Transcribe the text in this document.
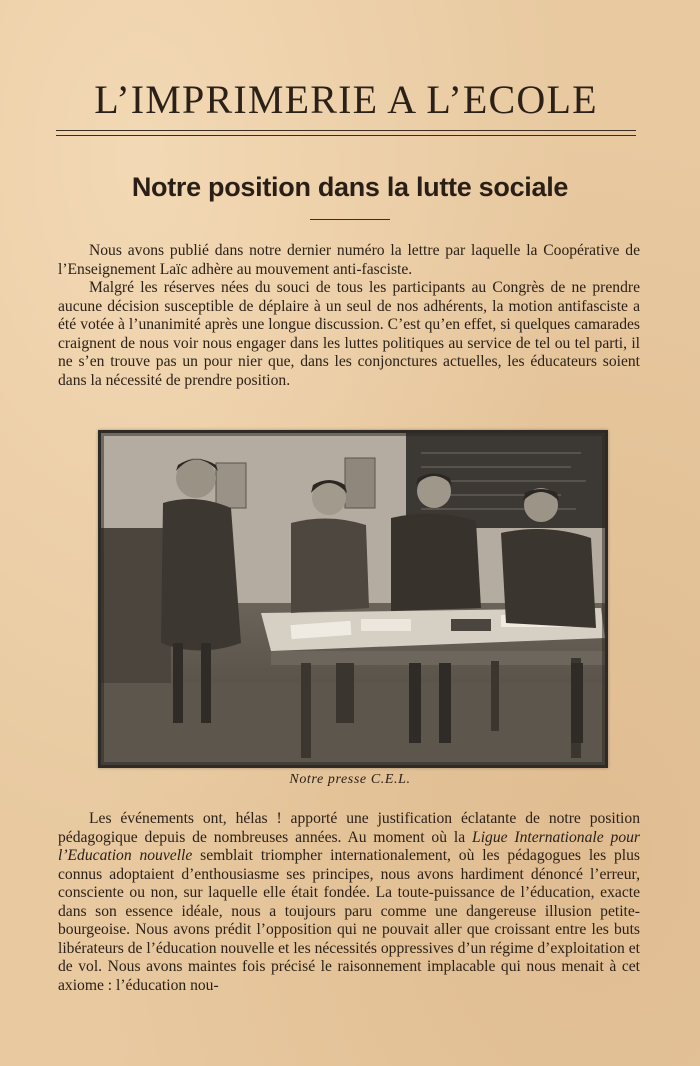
L’IMPRIMERIE A L’ECOLE
Notre position dans la lutte sociale

Nous avons publié dans notre dernier numéro la lettre par laquelle la Coopérative de l’Enseignement Laïc adhère au mouvement anti-fasciste.

Malgré les réserves nées du souci de tous les participants au Congrès de ne prendre aucune décision susceptible de déplaire à un seul de nos adhérents, la motion antifasciste a été votée à l’unanimité après une longue discussion. C’est qu’en effet, si quelques camarades craignent de nous voir nous engager dans les luttes politiques au service de tel ou tel parti, il ne s’en trouve pas un pour nier que, dans les conjonctures actuelles, les éducateurs soient dans la nécessité de prendre position.

Notre presse C.E.L.

Les événements ont, hélas ! apporté une justification éclatante de notre position pédagogique depuis de nombreuses années. Au moment où la Ligue Internationale pour l’Education nouvelle semblait triompher internationalement, où les pédagogues les plus connus adoptaient d’enthousiasme ses principes, nous avons hardiment dénoncé l’erreur, consciente ou non, sur laquelle elle était fondée. La toute-puissance de l’éducation, exacte dans son essence idéale, nous a toujours paru comme une dangereuse illusion petite-bourgeoise. Nous avons prédit l’opposition qui ne pouvait aller que croissant entre les buts libérateurs de l’éducation nouvelle et les nécessités oppressives d’un régime d’exploitation et de vol. Nous avons maintes fois précisé le raisonnement implacable qui nous menait à cet axiome : l’éducation nou-
